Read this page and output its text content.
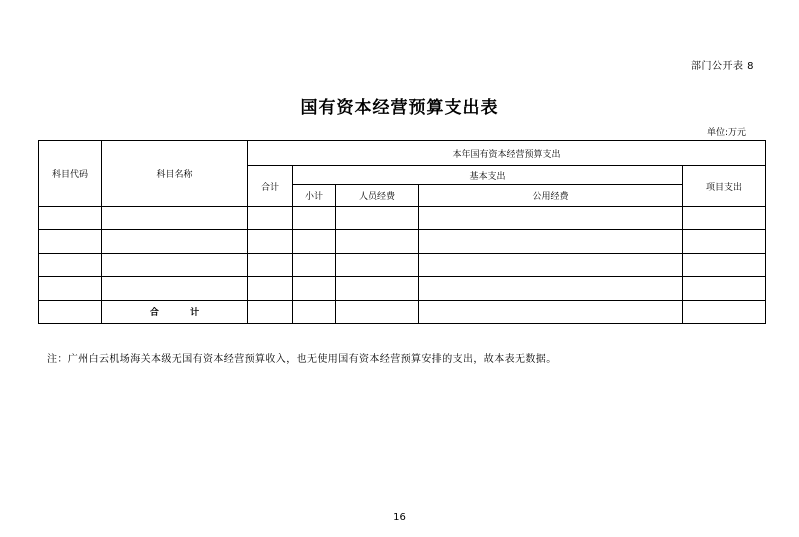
部门公开表 8
国有资本经营预算支出表
单位:万元
科目代码	科目名称	本年国有资本经营预算支出				
		合计	基本支出			项目支出
			小计	人员经费	公用经费	

	合          计					
注：广州白云机场海关本级无国有资本经营预算收入，也无使用国有资本经营预算安排的支出，故本表无数据。
16
